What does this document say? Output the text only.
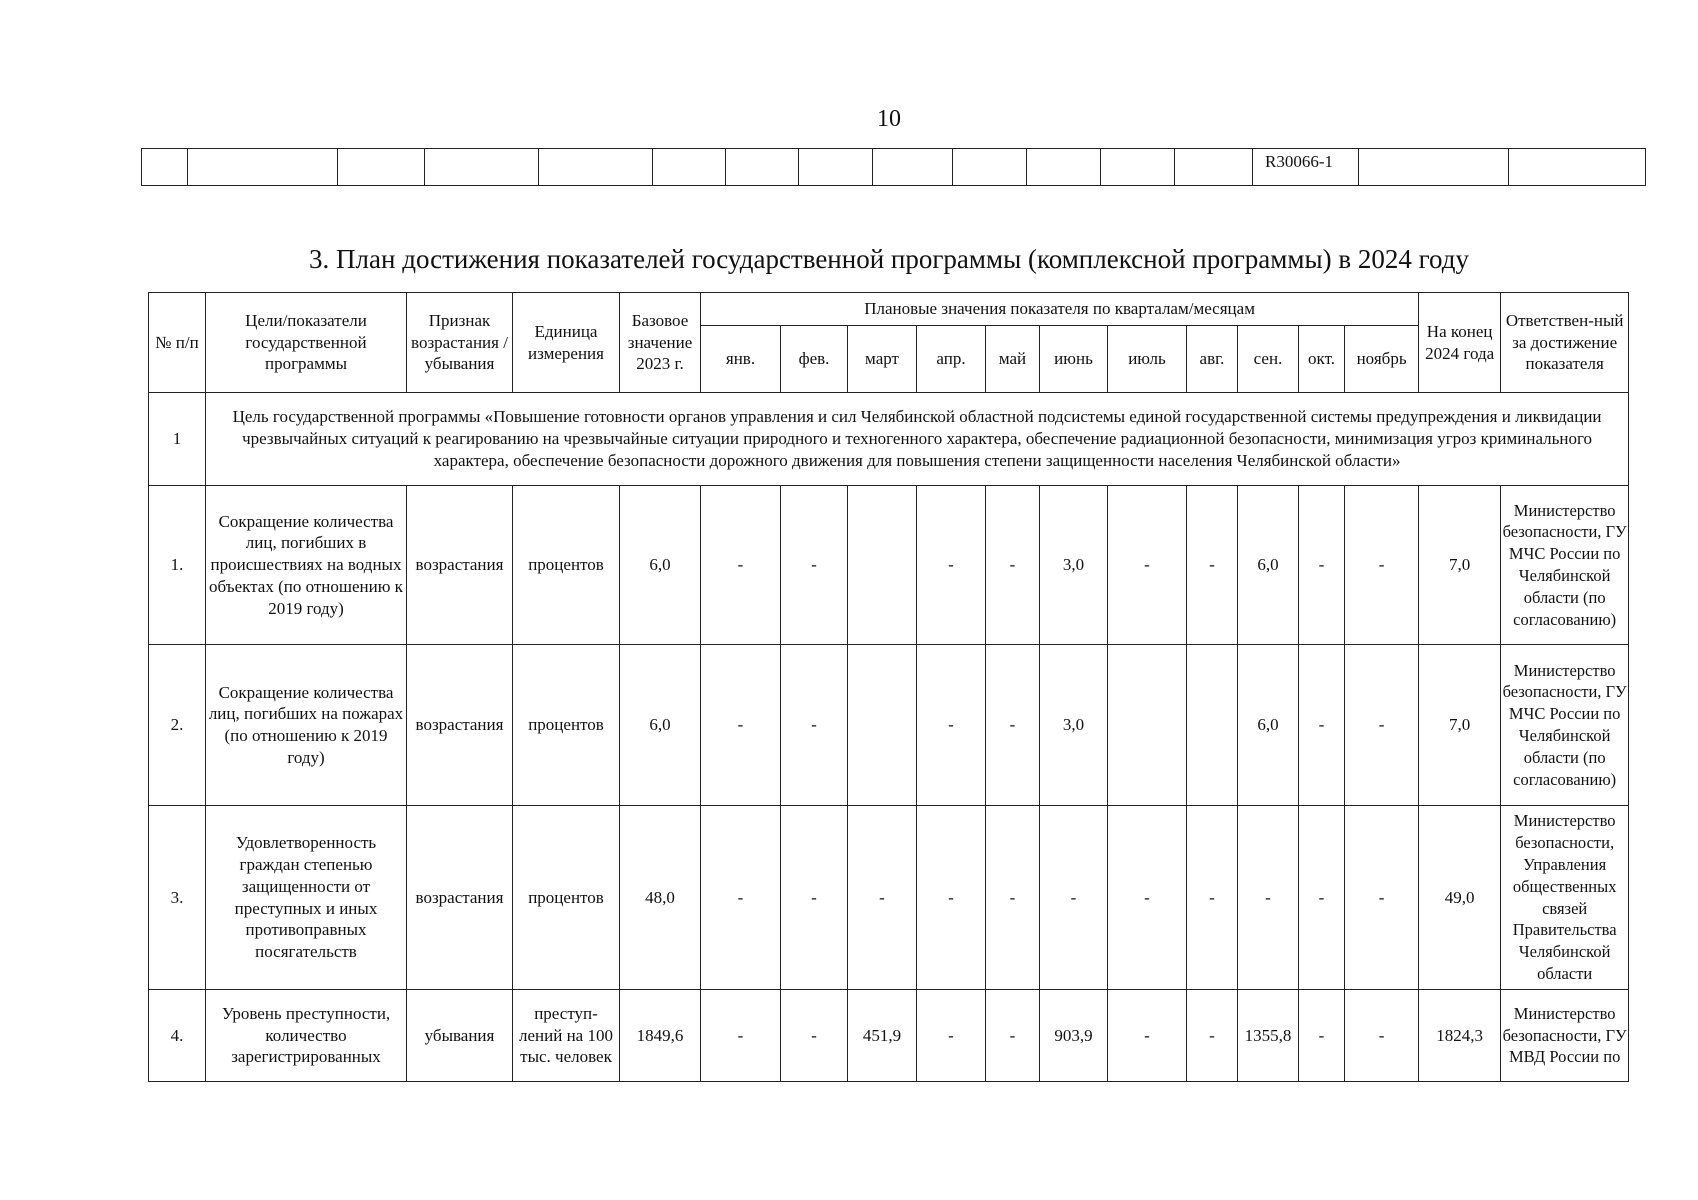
10
													R30066-1		
3. План достижения показателей государственной программы (комплексной программы) в 2024 году
№ п/п	Цели/показатели государственной программы	Признак возрастания / убывания	Единица измерения	Базовое значение 2023 г.	Плановые значения показателя по кварталам/месяцам											На конец 2024 года	Ответствен-ный за достижение показателя
					янв.	фев.	март	апр.	май	июнь	июль	авг.	сен.	окт.	ноябрь		
1	Цель государственной программы «Повышение готовности органов управления и сил Челябинской областной подсистемы единой государственной системы предупреждения и ликвидации чрезвычайных ситуаций к реагированию на чрезвычайные ситуации природного и техногенного характера, обеспечение радиационной безопасности, минимизация угроз криминального характера, обеспечение безопасности дорожного движения для повышения степени защищенности населения Челябинской области»																
1.	Сокращение количества лиц, погибших в происшествиях на водных объектах (по отношению к 2019 году)	возрастания	процентов	6,0	-	-		-	-	3,0	-	-	6,0	-	-	7,0	Министерство безопасности, ГУ МЧС России по Челябинской области (по согласованию)
2.	Сокращение количества лиц, погибших на пожарах (по отношению к 2019 году)	возрастания	процентов	6,0	-	-		-	-	3,0			6,0	-	-	7,0	Министерство безопасности, ГУ МЧС России по Челябинской области (по согласованию)
3.	Удовлетворенность граждан степенью защищенности от преступных и иных противоправных посягательств	возрастания	процентов	48,0	-	-	-	-	-	-	-	-	-	-	-	49,0	Министерство безопасности, Управления общественных связей Правительства Челябинской области
4.	Уровень преступности, количество зарегистрированных	убывания	преступ-лений на 100 тыс. человек	1849,6	-	-	451,9	-	-	903,9	-	-	1355,8	-	-	1824,3	Министерство безопасности, ГУ МВД России по
